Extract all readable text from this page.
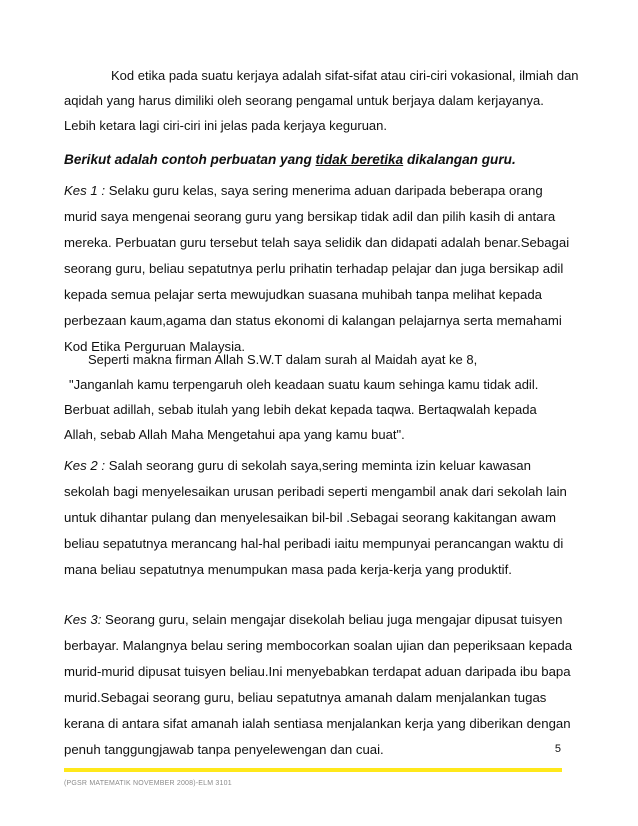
Kod etika pada suatu kerjaya adalah sifat-sifat atau ciri-ciri vokasional, ilmiah dan
aqidah yang harus dimiliki oleh seorang pengamal untuk berjaya dalam kerjayanya.
Lebih ketara lagi ciri-ciri ini jelas pada kerjaya keguruan.

Berikut adalah contoh perbuatan yang tidak beretika dikalangan guru.

Kes 1 : Selaku guru kelas, saya sering menerima aduan daripada beberapa orang
murid saya mengenai seorang guru yang bersikap tidak adil dan pilih kasih di antara
mereka. Perbuatan guru tersebut telah saya selidik dan didapati adalah benar.Sebagai
seorang guru, beliau sepatutnya perlu prihatin terhadap pelajar dan juga bersikap adil
kepada semua pelajar serta mewujudkan suasana muhibah tanpa melihat kepada
perbezaan kaum,agama dan status ekonomi di kalangan pelajarnya serta memahami
Kod Etika Perguruan Malaysia.

Seperti makna firman Allah S.W.T dalam surah al Maidah ayat ke 8,
"Janganlah kamu terpengaruh oleh keadaan suatu kaum sehinga kamu tidak adil.
Berbuat adillah, sebab itulah yang lebih dekat kepada taqwa. Bertaqwalah kepada
Allah, sebab Allah Maha Mengetahui apa yang kamu buat".

Kes 2 : Salah seorang guru di sekolah saya,sering meminta izin keluar kawasan
sekolah bagi menyelesaikan urusan peribadi seperti mengambil anak dari sekolah lain
untuk dihantar pulang dan menyelesaikan bil-bil .Sebagai seorang kakitangan awam
beliau sepatutnya merancang hal-hal peribadi iaitu mempunyai perancangan waktu di
mana beliau sepatutnya menumpukan masa pada kerja-kerja yang produktif.

Kes 3: Seorang guru, selain mengajar disekolah beliau juga mengajar dipusat tuisyen
berbayar. Malangnya belau sering membocorkan soalan ujian dan peperiksaan kepada
murid-murid dipusat tuisyen beliau.Ini menyebabkan terdapat aduan daripada ibu bapa
murid.Sebagai seorang guru, beliau sepatutnya amanah dalam menjalankan tugas
kerana di antara sifat amanah ialah sentiasa menjalankan kerja yang diberikan dengan
penuh tanggungjawab tanpa penyelewengan dan cuai.	5
(PGSR MATEMATIK NOVEMBER 2008)-ELM 3101
